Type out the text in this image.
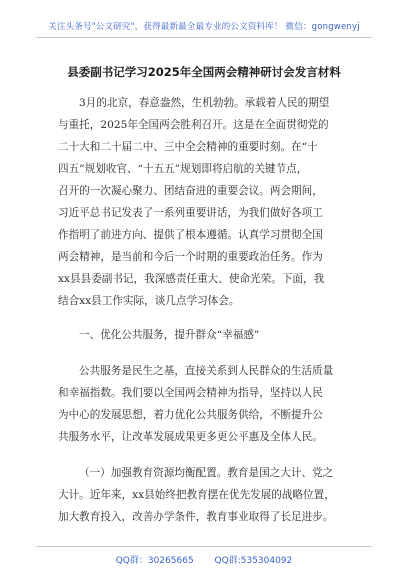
关注头条号"公文研究"，获得最新最全最专业的公文资料库！ 微信：gongwenyj
县委副书记学习2025年全国两会精神研讨会发言材料
3月的北京，春意盎然，生机勃勃。承载着人民的期望
与重托，2025年全国两会胜利召开。这是在全面贯彻党的
二十大和二十届二中、三中全会精神的重要时刻。在“十
四五”规划收官、“十五五”规划即将启航的关键节点，
召开的一次凝心聚力、团结奋进的重要会议。两会期间，
习近平总书记发表了一系列重要讲话，为我们做好各项工
作指明了前进方向、提供了根本遵循。认真学习贯彻全国
两会精神，是当前和今后一个时期的重要政治任务。作为
xx县县委副书记，我深感责任重大、使命光荣。下面，我
结合xx县工作实际，谈几点学习体会。
一、优化公共服务，提升群众“幸福感”
公共服务是民生之基，直接关系到人民群众的生活质量
和幸福指数。我们要以全国两会精神为指导，坚持以人民
为中心的发展思想，着力优化公共服务供给，不断提升公
共服务水平，让改革发展成果更多更公平惠及全体人民。
（一）加强教育资源均衡配置。教育是国之大计、党之
大计。近年来，xx县始终把教育摆在优先发展的战略位置，
加大教育投入，改善办学条件，教育事业取得了长足进步。
QQ群：30265665 QQ群:535304092
